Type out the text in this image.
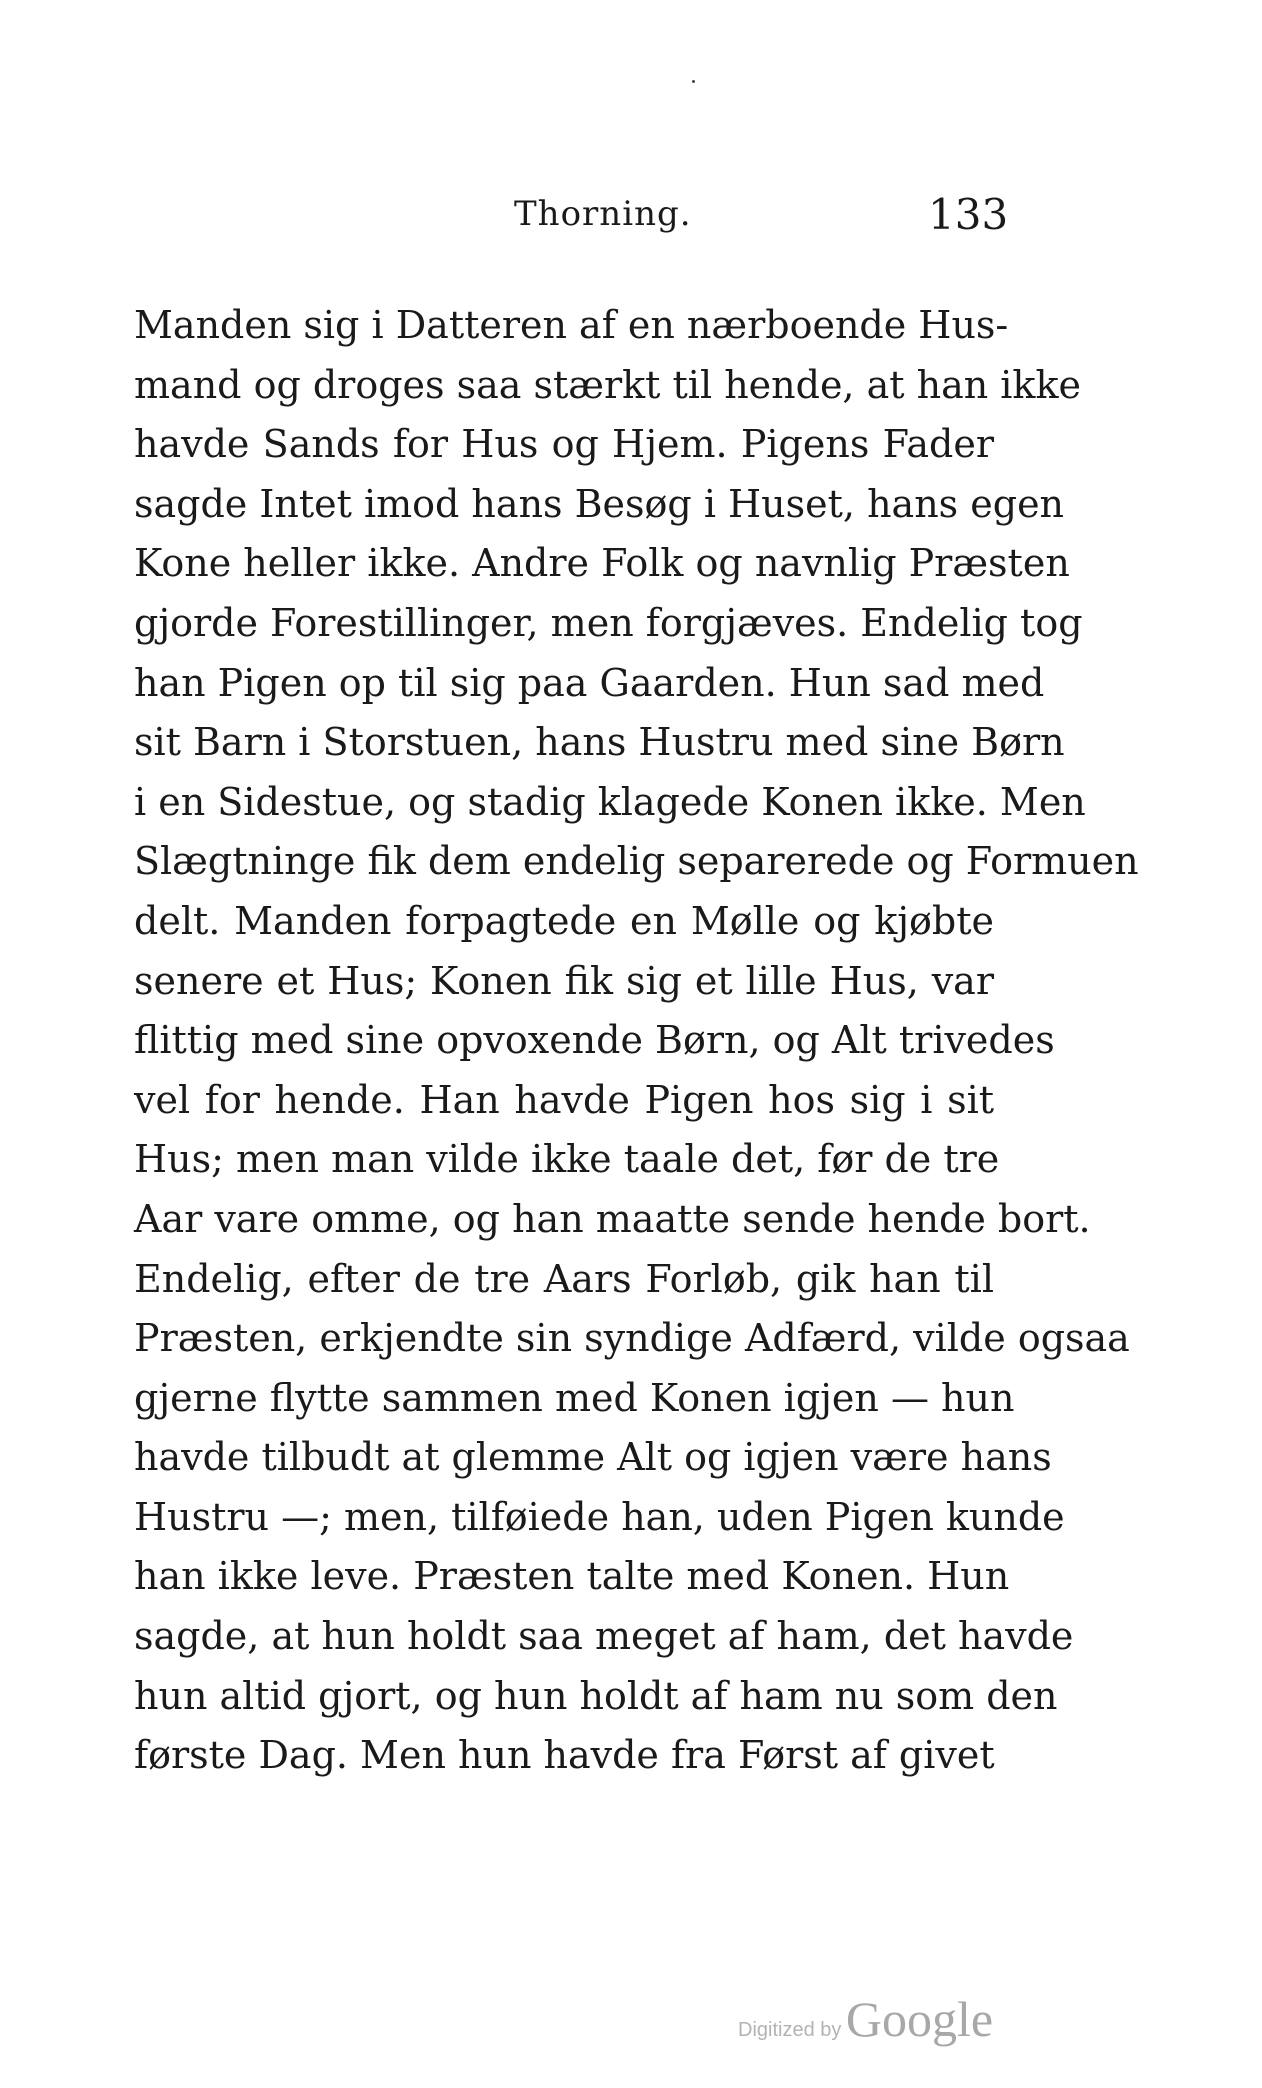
Thorning.	133
Manden sig i Datteren af en nærboende Hus-
mand og droges saa stærkt til hende, at han ikke
havde Sands for Hus og Hjem. Pigens Fader
sagde Intet imod hans Besøg i Huset, hans egen
Kone heller ikke. Andre Folk og navnlig Præsten
gjorde Forestillinger, men forgjæves. Endelig tog
han Pigen op til sig paa Gaarden. Hun sad med
sit Barn i Storstuen, hans Hustru med sine Børn
i en Sidestue, og stadig klagede Konen ikke. Men
Slægtninge fik dem endelig separerede og Formuen
delt. Manden forpagtede en Mølle og kjøbte
senere et Hus; Konen fik sig et lille Hus, var
flittig med sine opvoxende Børn, og Alt trivedes
vel for hende. Han havde Pigen hos sig i sit
Hus; men man vilde ikke taale det, før de tre
Aar vare omme, og han maatte sende hende bort.
Endelig, efter de tre Aars Forløb, gik han til
Præsten, erkjendte sin syndige Adfærd, vilde ogsaa
gjerne flytte sammen med Konen igjen — hun
havde tilbudt at glemme Alt og igjen være hans
Hustru —; men, tilføiede han, uden Pigen kunde
han ikke leve. Præsten talte med Konen. Hun
sagde, at hun holdt saa meget af ham, det havde
hun altid gjort, og hun holdt af ham nu som den
første Dag. Men hun havde fra Først af givet
Digitized by Google
